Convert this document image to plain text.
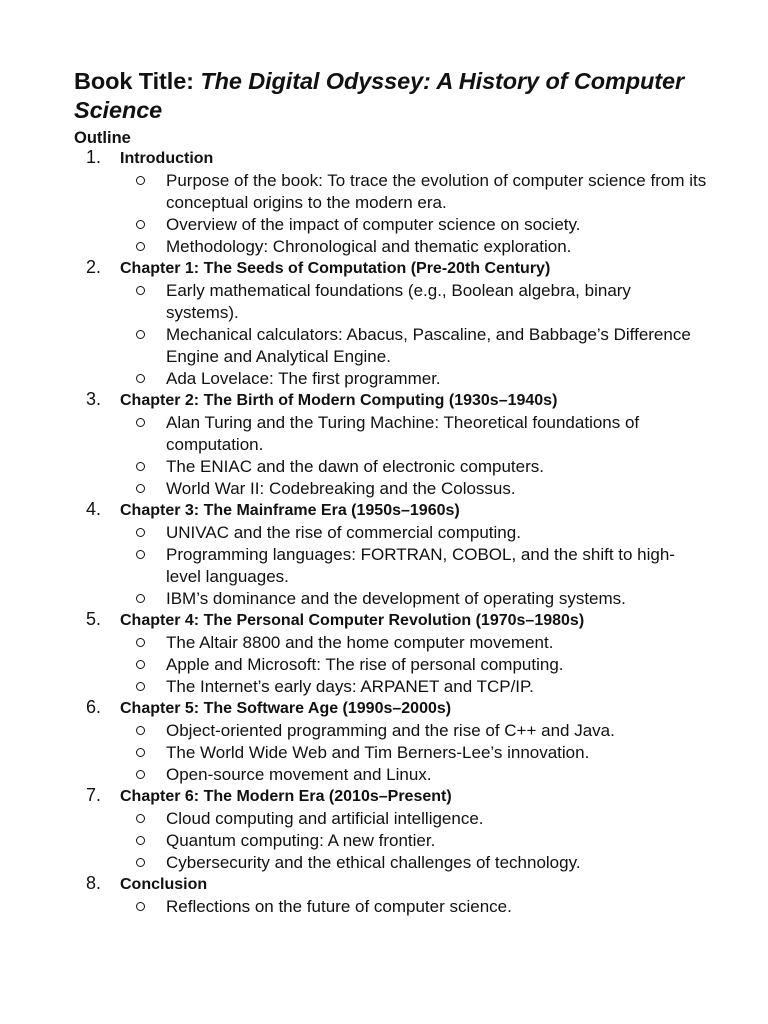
Book Title: The Digital Odyssey: A History of Computer Science
Outline
1. Introduction
Purpose of the book: To trace the evolution of computer science from its conceptual origins to the modern era.
Overview of the impact of computer science on society.
Methodology: Chronological and thematic exploration.
2. Chapter 1: The Seeds of Computation (Pre-20th Century)
Early mathematical foundations (e.g., Boolean algebra, binary systems).
Mechanical calculators: Abacus, Pascaline, and Babbage’s Difference Engine and Analytical Engine.
Ada Lovelace: The first programmer.
3. Chapter 2: The Birth of Modern Computing (1930s–1940s)
Alan Turing and the Turing Machine: Theoretical foundations of computation.
The ENIAC and the dawn of electronic computers.
World War II: Codebreaking and the Colossus.
4. Chapter 3: The Mainframe Era (1950s–1960s)
UNIVAC and the rise of commercial computing.
Programming languages: FORTRAN, COBOL, and the shift to high-level languages.
IBM’s dominance and the development of operating systems.
5. Chapter 4: The Personal Computer Revolution (1970s–1980s)
The Altair 8800 and the home computer movement.
Apple and Microsoft: The rise of personal computing.
The Internet’s early days: ARPANET and TCP/IP.
6. Chapter 5: The Software Age (1990s–2000s)
Object-oriented programming and the rise of C++ and Java.
The World Wide Web and Tim Berners-Lee’s innovation.
Open-source movement and Linux.
7. Chapter 6: The Modern Era (2010s–Present)
Cloud computing and artificial intelligence.
Quantum computing: A new frontier.
Cybersecurity and the ethical challenges of technology.
8. Conclusion
Reflections on the future of computer science.
